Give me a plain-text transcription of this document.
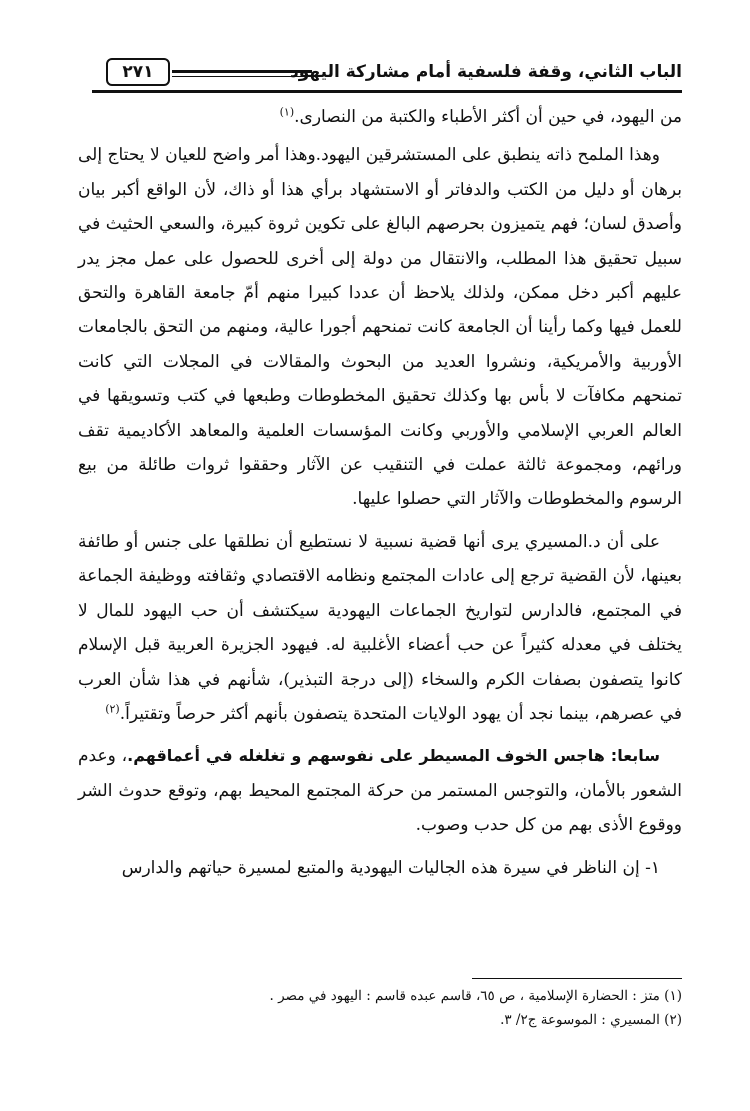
الباب الثاني، وقفة فلسفية أمام مشاركة اليهود
٢٧١

من اليهود، في حين أن أكثر الأطباء والكتبة من النصارى.$^{(١)}$

وهذا الملمح ذاته ينطبق على المستشرقين اليهود.وهذا أمر واضح للعيان لا يحتاج إلى برهان أو دليل من الكتب والدفاتر أو الاستشهاد برأي هذا أو ذاك، لأن الواقع أكبر بيان وأصدق لسان؛ فهم يتميزون بحرصهم البالغ على تكوين ثروة كبيرة، والسعي الحثيث في سبيل تحقيق هذا المطلب، والانتقال من دولة إلى أخرى للحصول على عمل مجز يدر عليهم أكبر دخل ممكن، ولذلك يلاحظ أن عددا كبيرا منهم أمّ جامعة القاهرة والتحق للعمل فيها وكما رأينا أن الجامعة كانت تمنحهم أجورا عالية، ومنهم من التحق بالجامعات الأوربية والأمريكية، ونشروا العديد من البحوث والمقالات في المجلات التي كانت تمنحهم مكافآت لا بأس بها وكذلك تحقيق المخطوطات وطبعها في كتب وتسويقها في العالم العربي الإسلامي والأوربي وكانت المؤسسات العلمية والمعاهد الأكاديمية تقف ورائهم، ومجموعة ثالثة عملت في التنقيب عن الآثار وحققوا ثروات طائلة من بيع الرسوم والمخطوطات والآثار التي حصلوا عليها.

على أن د.المسيري يرى أنها قضية نسبية لا نستطيع أن نطلقها على جنس أو طائفة بعينها، لأن القضية ترجع إلى عادات المجتمع ونظامه الاقتصادي وثقافته ووظيفة الجماعة في المجتمع، فالدارس لتواريخ الجماعات اليهودية سيكتشف أن حب اليهود للمال لا يختلف في معدله كثيراً عن حب أعضاء الأغلبية له. فيهود الجزيرة العربية قبل الإسلام كانوا يتصفون بصفات الكرم والسخاء (إلى درجة التبذير)، شأنهم في هذا شأن العرب في عصرهم، بينما نجد أن يهود الولايات المتحدة يتصفون بأنهم أكثر حرصاً وتقتيراً.$^{(٢)}$

سابعا: هاجس الخوف المسيطر على نفوسهم و تغلغله في أعماقهم.، وعدم الشعور بالأمان، والتوجس المستمر من حركة المجتمع المحيط بهم، وتوقع حدوث الشر ووقوع الأذى بهم من كل حدب وصوب.

١- إن الناظر في سيرة هذه الجاليات اليهودية والمتبع لمسيرة حياتهم والدارس

(١) متز : الحضارة الإسلامية ، ص ٦٥، قاسم عبده قاسم : اليهود في مصر .
(٢) المسيري : الموسوعة ج٢/ ٣.
